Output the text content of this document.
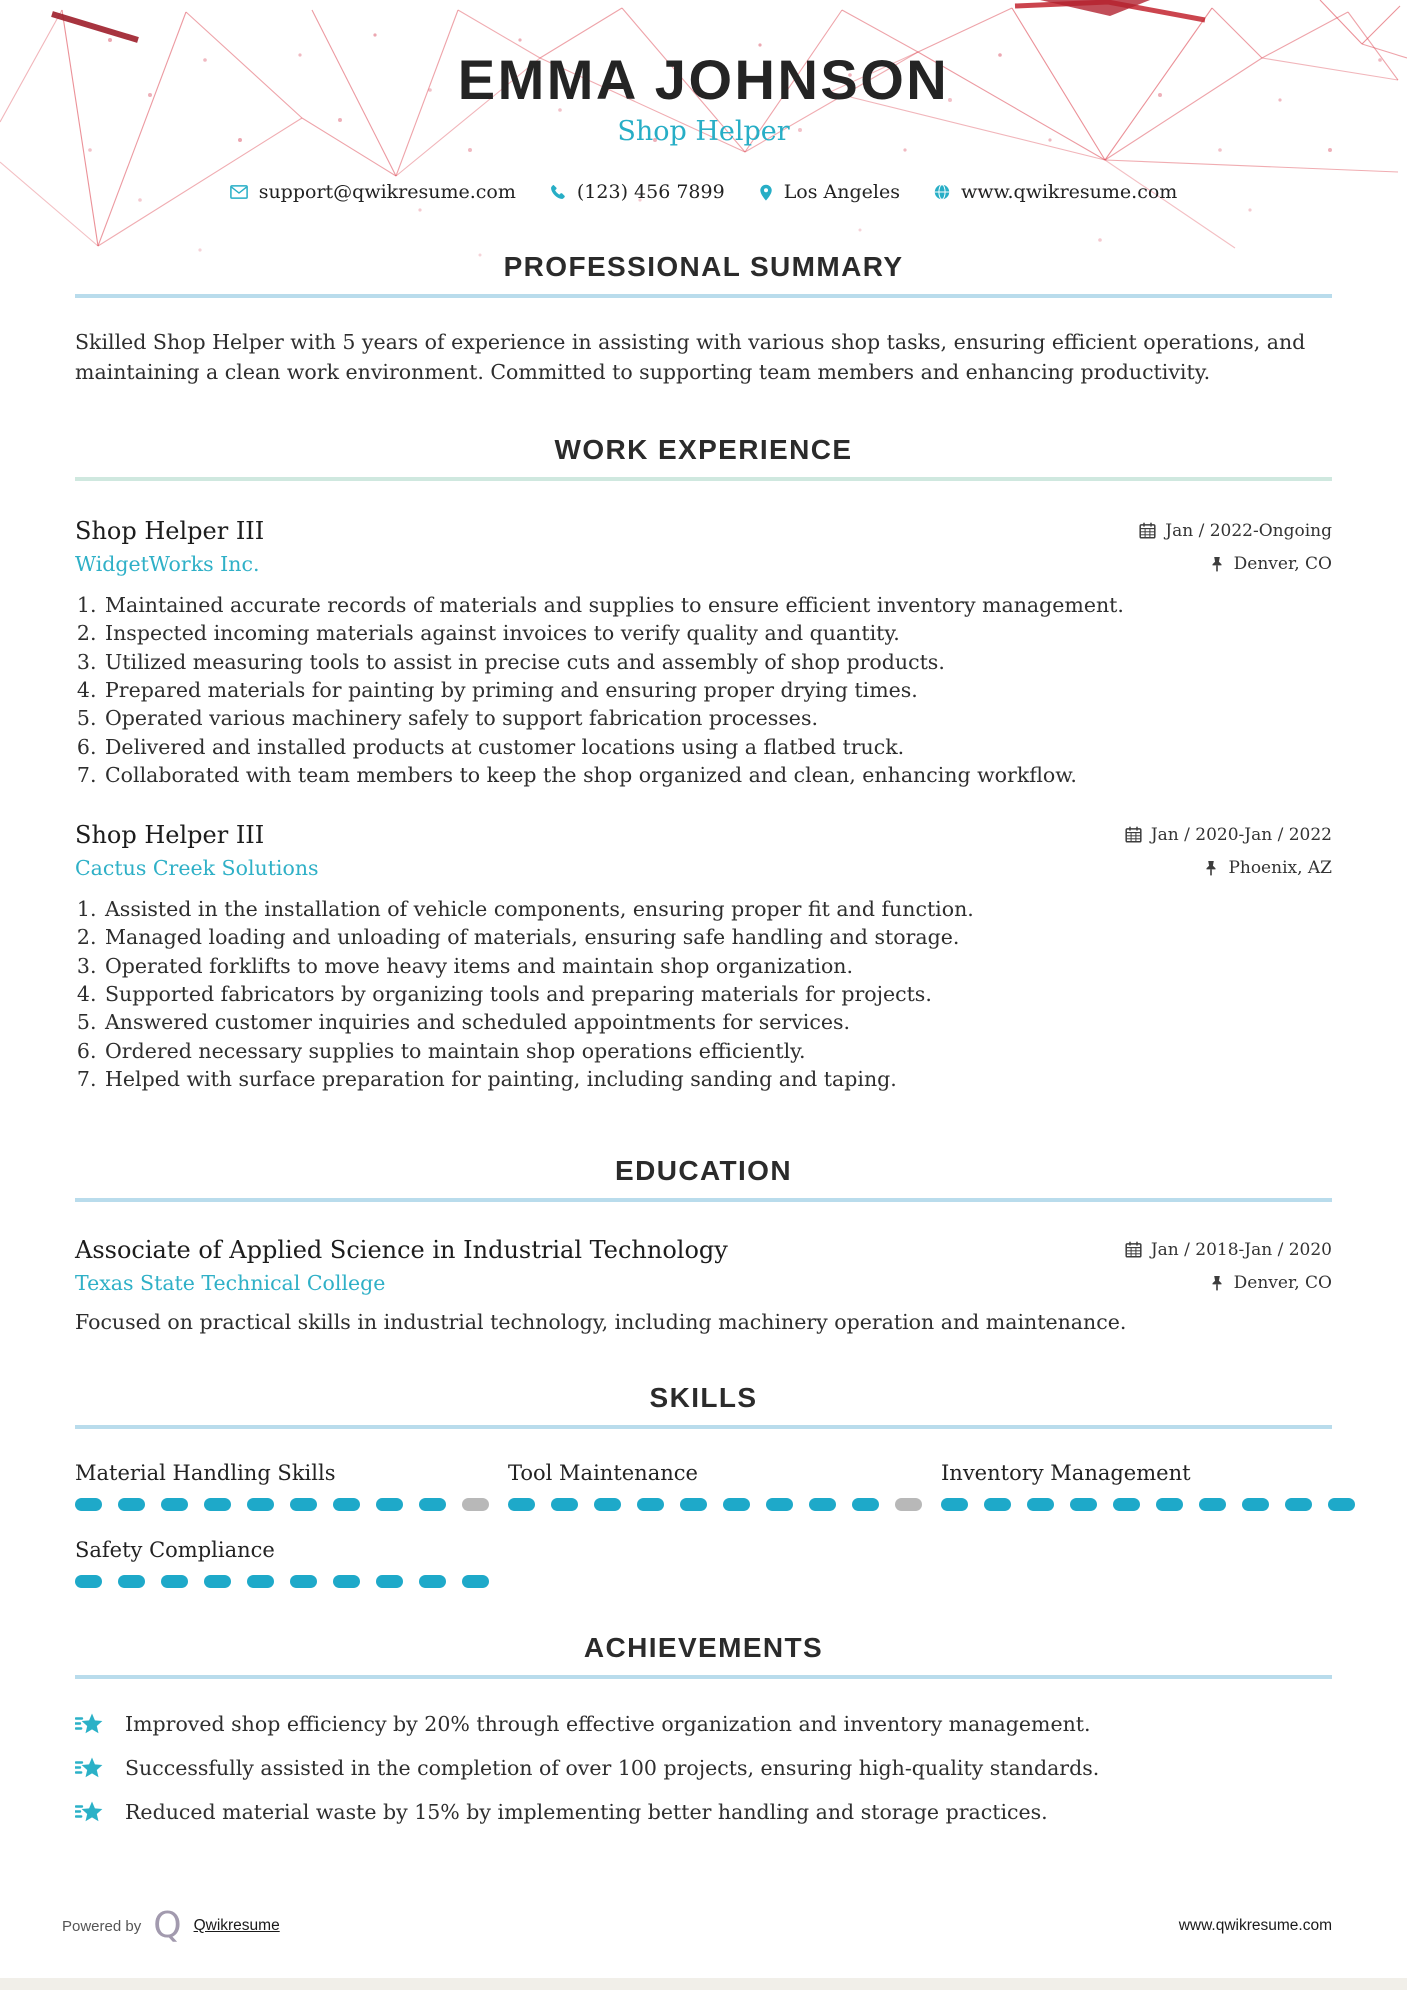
EMMA JOHNSON
Shop Helper
support@qwikresume.com	(123) 456 7899	Los Angeles	www.qwikresume.com
PROFESSIONAL SUMMARY

Skilled Shop Helper with 5 years of experience in assisting with various shop tasks, ensuring efficient operations, and maintaining a clean work environment. Committed to supporting team members and enhancing productivity.

WORK EXPERIENCE
Shop Helper III	Jan / 2022-Ongoing
WidgetWorks Inc.	Denver, CO
1. Maintained accurate records of materials and supplies to ensure efficient inventory management.
2. Inspected incoming materials against invoices to verify quality and quantity.
3. Utilized measuring tools to assist in precise cuts and assembly of shop products.
4. Prepared materials for painting by priming and ensuring proper drying times.
5. Operated various machinery safely to support fabrication processes.
6. Delivered and installed products at customer locations using a flatbed truck.
7. Collaborated with team members to keep the shop organized and clean, enhancing workflow.
Shop Helper III	Jan / 2020-Jan / 2022
Cactus Creek Solutions	Phoenix, AZ
1. Assisted in the installation of vehicle components, ensuring proper fit and function.
2. Managed loading and unloading of materials, ensuring safe handling and storage.
3. Operated forklifts to move heavy items and maintain shop organization.
4. Supported fabricators by organizing tools and preparing materials for projects.
5. Answered customer inquiries and scheduled appointments for services.
6. Ordered necessary supplies to maintain shop operations efficiently.
7. Helped with surface preparation for painting, including sanding and taping.
EDUCATION
Associate of Applied Science in Industrial Technology	Jan / 2018-Jan / 2020
Texas State Technical College	Denver, CO

Focused on practical skills in industrial technology, including machinery operation and maintenance.

SKILLS
Material Handling Skills	Tool Maintenance	Inventory Management
Safety Compliance
ACHIEVEMENTS
Improved shop efficiency by 20% through effective organization and inventory management.
Successfully assisted in the completion of over 100 projects, ensuring high-quality standards.
Reduced material waste by 15% by implementing better handling and storage practices.
Powered by Q Qwikresume	www.qwikresume.com
